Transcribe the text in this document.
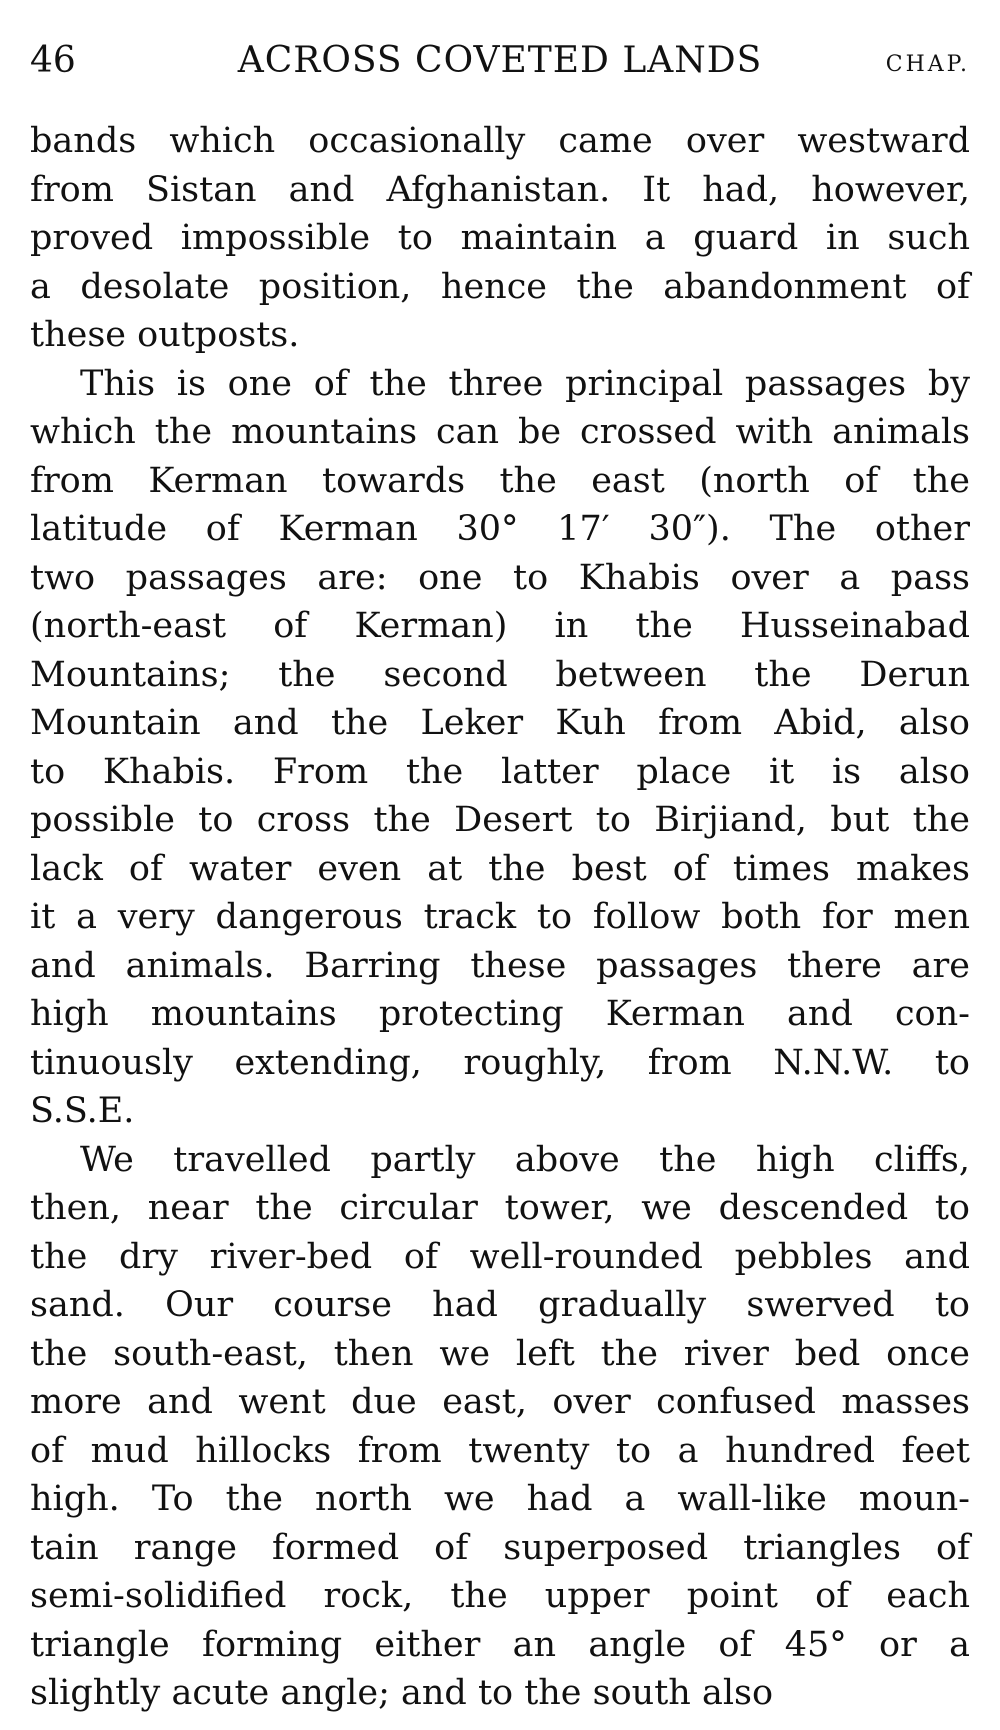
46	ACROSS COVETED LANDS	CHAP.
bands which occasionally came over westward
from Sistan and Afghanistan. It had, however,
proved impossible to maintain a guard in such
a desolate position, hence the abandonment of
these outposts.
This is one of the three principal passages by
which the mountains can be crossed with animals
from Kerman towards the east (north of the
latitude of Kerman 30° 17′ 30″). The other
two passages are: one to Khabis over a pass
(north-east of Kerman) in the Husseinabad
Mountains; the second between the Derun
Mountain and the Leker Kuh from Abid, also
to Khabis. From the latter place it is also
possible to cross the Desert to Birjiand, but the
lack of water even at the best of times makes
it a very dangerous track to follow both for men
and animals. Barring these passages there are
high mountains protecting Kerman and con-
tinuously extending, roughly, from N.N.W. to
S.S.E.
We travelled partly above the high cliffs,
then, near the circular tower, we descended to
the dry river-bed of well-rounded pebbles and
sand. Our course had gradually swerved to
the south-east, then we left the river bed once
more and went due east, over confused masses
of mud hillocks from twenty to a hundred feet
high. To the north we had a wall-like moun-
tain range formed of superposed triangles of
semi-solidified rock, the upper point of each
triangle forming either an angle of 45° or a
slightly acute angle; and to the south also
